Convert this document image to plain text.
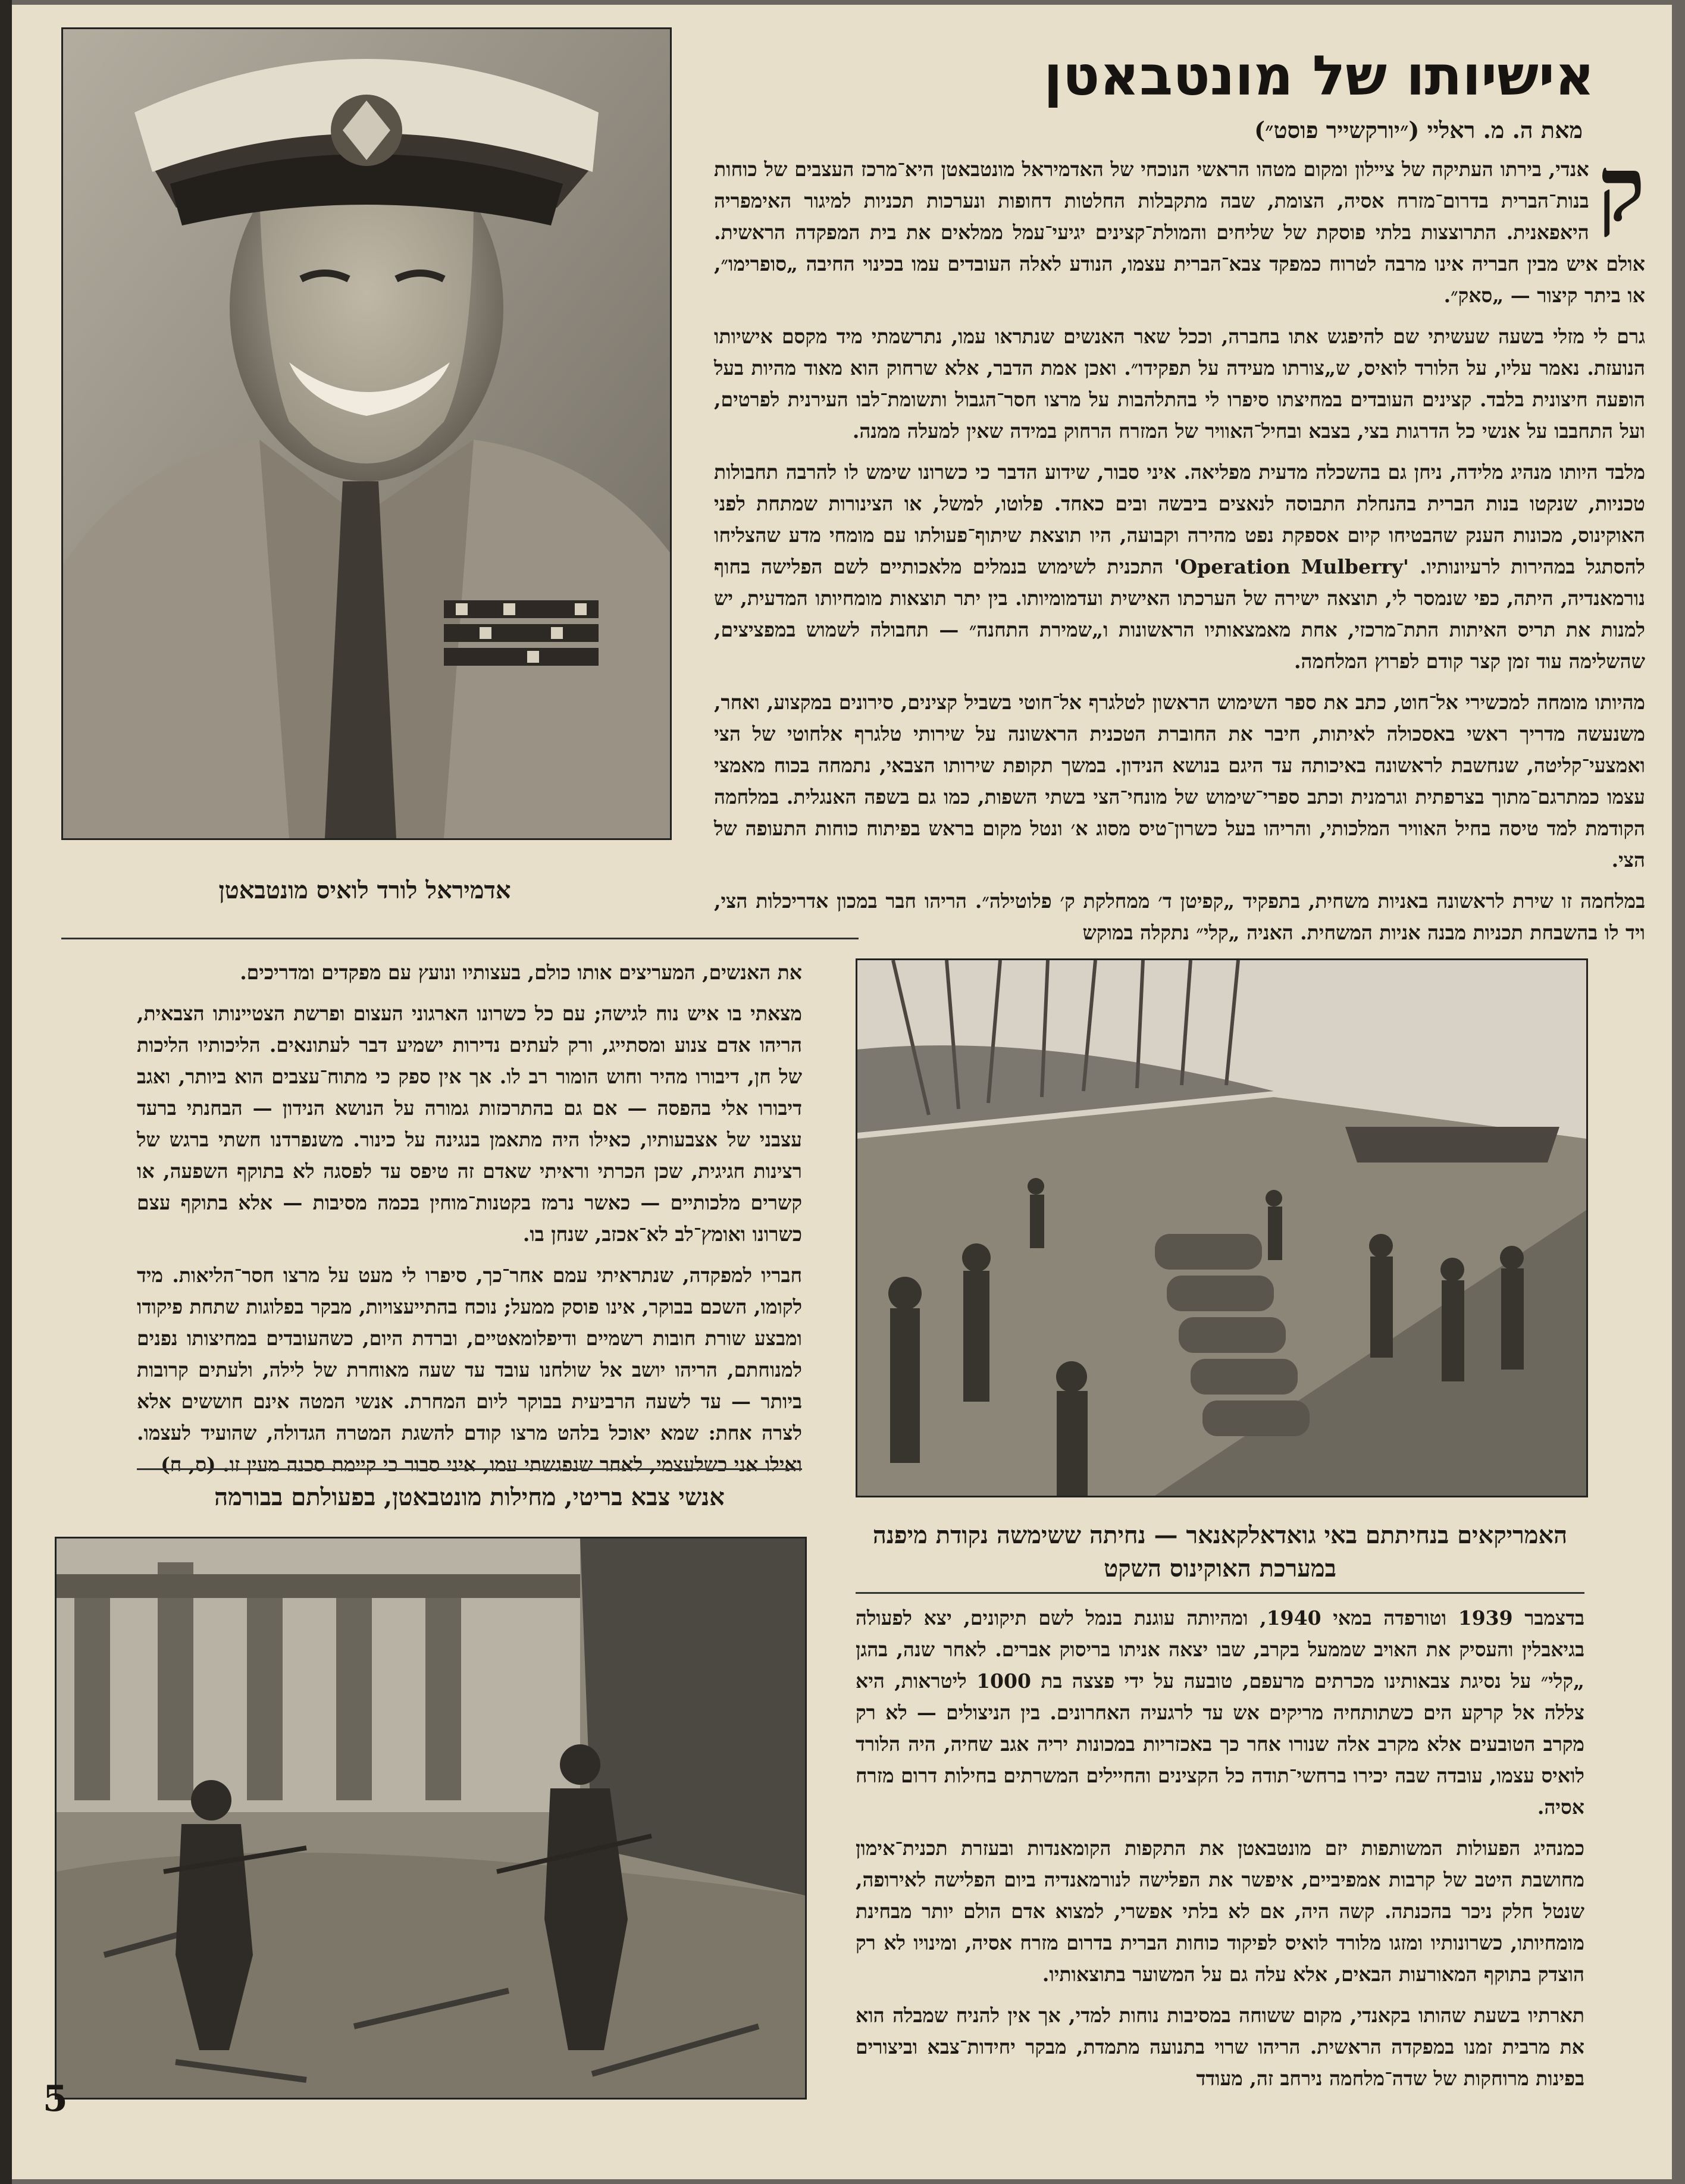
אדמיראל לורד לואיס מונטבאטן

אישיותו של מונטבאטן
מאת ה. מ. ראליי (״יורקשייר פוסט״)

ק
אנדי, בירתו העתיקה של ציילון ומקום מטהו הראשי הנוכחי של האדמיראל מונטבאטן היא־מרכז העצבים של כוחות בנות־הברית בדרום־מזרח אסיה, הצומת, שבה מתקבלות החלטות דחופות ונערכות תכניות למיגור האימפריה היאפאנית. התרוצצות בלתי פוסקת של שליחים והמולת־קצינים יגיעי־עמל ממלאים את בית המפקדה הראשית. אולם איש מבין חבריה אינו מרבה לטרוח כמפקד צבא־הברית עצמו, הנודע לאלה העובדים עמו בכינוי החיבה „סופרימו״, או ביתר קיצור — „סאק״.

גרם לי מזלי בשעה שעשיתי שם להיפגש אתו בחברה, וככל שאר האנשים שנתראו עמו, נתרשמתי מיד מקסם אישיותו הנועזת. נאמר עליו, על הלורד לואיס, ש„צורתו מעידה על תפקידו״. ואכן אמת הדבר, אלא שרחוק הוא מאוד מהיות בעל הופעה חיצונית בלבד. קצינים העובדים במחיצתו סיפרו לי בהתלהבות על מרצו חסר־הגבול ותשומת־לבו העירנית לפרטים, ועל התחבבו על אנשי כל הדרגות בצי, בצבא ובחיל־האוויר של המזרח הרחוק במידה שאין למעלה ממנה.

מלבד היותו מנהיג מלידה, ניחן גם בהשכלה מדעית מפליאה. איני סבור, שידוע הדבר כי כשרונו שימש לו להרבה תחבולות טכניות, שנקטו בנות הברית בהנחלת התבוסה לנאצים ביבשה ובים כאחד. פלוטו, למשל, או הצינורות שמתחת לפני האוקינוס, מכונות הענק שהבטיחו קיום אספקת נפט מהירה וקבועה, היו תוצאת שיתוף־פעולתו עם מומחי מדע שהצליחו להסתגל במהירות לרעיונותיו. 'Operation Mulberry' התכנית לשימוש בנמלים מלאכותיים לשם הפלישה בחוף נורמאנדיה, היתה, כפי שנמסר לי, תוצאה ישירה של הערכתו האישית ועדמומיותו. בין יתר תוצאות מומחיותו המדעית, יש למנות את תריס האיתות התת־מרכזי, אחת מאמצאותיו הראשונות ו„שמירת התחנה״ — תחבולה לשמוש במפציצים, שהשלימה עוד זמן קצר קודם לפרוץ המלחמה.

מהיותו מומחה למכשירי אל־חוט, כתב את ספר השימוש הראשון לטלגרף אל־חוטי בשביל קצינים, סירונים במקצוע, ואחר, משנעשה מדריך ראשי באסכולה לאיתות, חיבר את החוברת הטכנית הראשונה על שירותי טלגרף אלחוטי של הצי ואמצעי־קליטה, שנחשבת לראשונה באיכותה עד היגם בנושא הנידון. במשך תקופת שירותו הצבאי, נתמחה בכוח מאמצי עצמו כמתרגם־מתוך בצרפתית וגרמנית וכתב ספרי־שימוש של מונחי־הצי בשתי השפות, כמו גם בשפה האנגלית. במלחמה הקודמת למד טיסה בחיל האוויר המלכותי, והריהו בעל כשרון־טיס מסוג א׳ ונטל מקום בראש בפיתוח כוחות התעופה של הצי.

במלחמה זו שירת לראשונה באניות משחית, בתפקיד „קפיטן ד׳ ממחלקת ק׳ פלוטילה״. הריהו חבר במכון אדריכלות הצי, ויד לו בהשבחת תכניות מבנה אניות המשחית. האניה „קלי״ נתקלה במוקש

את האנשים, המעריצים אותו כולם, בעצותיו ונועץ עם מפקדים ומדריכים.

מצאתי בו איש נוח לגישה; עם כל כשרונו הארגוני העצום ופרשת הצטיינותו הצבאית, הריהו אדם צנוע ומסתייג, ורק לעתים נדירות ישמיע דבר לעתונאים. הליכותיו הליכות של חן, דיבורו מהיר וחוש הומור רב לו. אך אין ספק כי מתוח־עצבים הוא ביותר, ואגב דיבורו אלי בהפסה — אם גם בהתרכזות גמורה על הנושא הנידון — הבחנתי ברעד עצבני של אצבעותיו, כאילו היה מתאמן בנגינה על כינור. משנפרדנו חשתי ברגש של רצינות חגיגית, שכן הכרתי וראיתי שאדם זה טיפס עד לפסגה לא בתוקף השפעה, או קשרים מלכותיים — כאשר נרמז בקטנות־מוחין בכמה מסיבות — אלא בתוקף עצם כשרונו ואומץ־לב לא־אכזב, שנחן בו.

חבריו למפקדה, שנתראיתי עמם אחר־כך, סיפרו לי מעט על מרצו חסר־הליאות. מיד לקומו, השכם בבוקר, אינו פוסק ממעל; נוכח בהתייעצויות, מבקר בפלוגות שתחת פיקודו ומבצע שורת חובות רשמיים ודיפלומאטיים, וברדת היום, כשהעובדים במחיצותו נפנים למנוחתם, הריהו יושב אל שולחנו עובד עד שעה מאוחרת של לילה, ולעתים קרובות ביותר — עד לשעה הרביעית בבוקר ליום המחרת. אנשי המטה אינם חוששים אלא לצרה אחת: שמא יאוכל בלהט מרצו קודם להשגת המטרה הגדולה, שהועיד לעצמו. ואילו אני כשלעצמי, לאחר שנפגשתי עמו, איני סבור כי קיימת סכנה מעין זו. (ס, ח)

אנשי צבא בריטי, מחילות מונטבאטן, בפעולתם בבורמה

האמריקאים בנחיתתם באי גואדאלקאנאר — נחיתה ששימשה נקודת מיפנה במערכת האוקינוס השקט

בדצמבר 1939 וטורפדה במאי 1940, ומהיותה עוגנת בנמל לשם תיקונים, יצא לפעולה בגיאבלין והעסיק את האויב שממעל בקרב, שבו יצאה אניתו בריסוק אברים. לאחר שנה, בהגן „קלי״ על נסיגת צבאותינו מכרתים מרעפם, טובעה על ידי פצצה בת 1000 ליטראות, היא צללה אל קרקע הים כשתותחיה מריקים אש עד לרגעיה האחרונים. בין הניצולים — לא רק מקרב הטובעים אלא מקרב אלה שנורו אחר כך באכזריות במכונות יריה אגב שחיה, היה הלורד לואיס עצמו, עובדה שבה יכירו ברחשי־תודה כל הקצינים והחיילים המשרתים בחילות דרום מזרח אסיה.

כמנהיג הפעולות המשותפות יזם מונטבאטן את התקפות הקומאנדות ובעזרת תכנית־אימון מחושבת היטב של קרבות אמפיביים, איפשר את הפלישה לנורמאנדיה ביום הפלישה לאירופה, שנטל חלק ניכר בהכנתה. קשה היה, אם לא בלתי אפשרי, למצוא אדם הולם יותר מבחינת מומחיותו, כשרונותיו ומזגו מלורד לואיס לפיקוד כוחות הברית בדרום מזרח אסיה, ומינויו לא רק הוצדק בתוקף המאורעות הבאים, אלא עלה גם על המשוער בתוצאותיו.

תארתיו בשעת שהותו בקאנדי, מקום ששוחה במסיבות נוחות למדי, אך אין להניח שמבלה הוא את מרבית זמנו במפקדה הראשית. הריהו שרוי בתנועה מתמדת, מבקר יחידות־צבא וביצורים בפינות מרוחקות של שדה־מלחמה נירחב זה, מעודד

5
